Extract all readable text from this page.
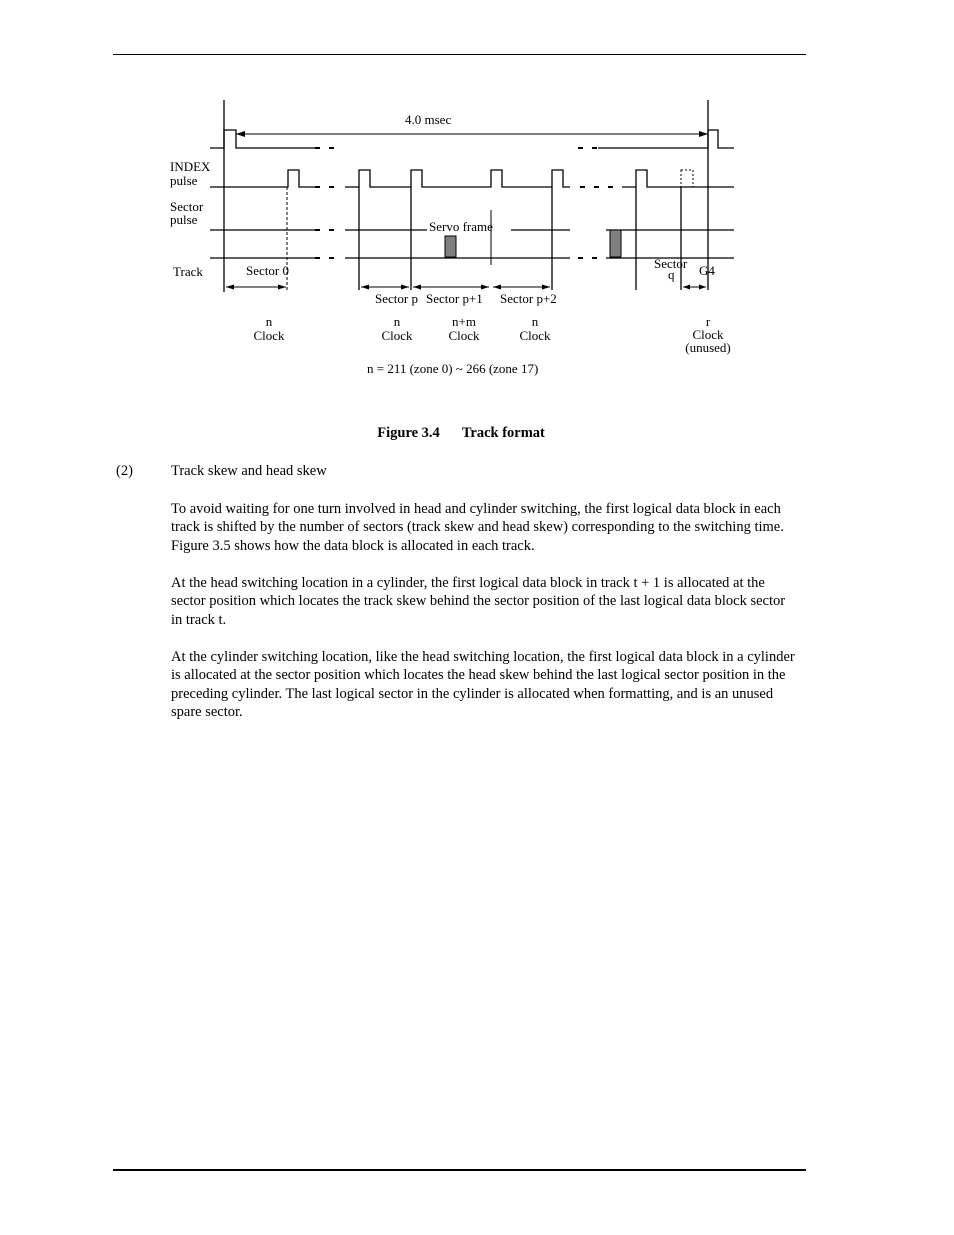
4.0 msec
INDEX
pulse
Sector
pulse
Track
Servo frame
Sector 0	Sector
q G4
Sector p Sector p+1 Sector p+2
n
Clock
n
Clock
n+m
Clock
n
Clock
r
Clock
(unused)
n = 211 (zone 0) ~ 266 (zone 17)

Figure 3.4 Track format

(2)	Track skew and head skew

To avoid waiting for one turn involved in head and cylinder switching, the first logical data block in each track is shifted by the number of sectors (track skew and head skew) corresponding to the switching time. Figure 3.5 shows how the data block is allocated in each track.

At the head switching location in a cylinder, the first logical data block in track t + 1 is allocated at the sector position which locates the track skew behind the sector position of the last logical data block sector in track t.

At the cylinder switching location, like the head switching location, the first logical data block in a cylinder is allocated at the sector position which locates the head skew behind the last logical sector position in the preceding cylinder. The last logical sector in the cylinder is allocated when formatting, and is an unused spare sector.
